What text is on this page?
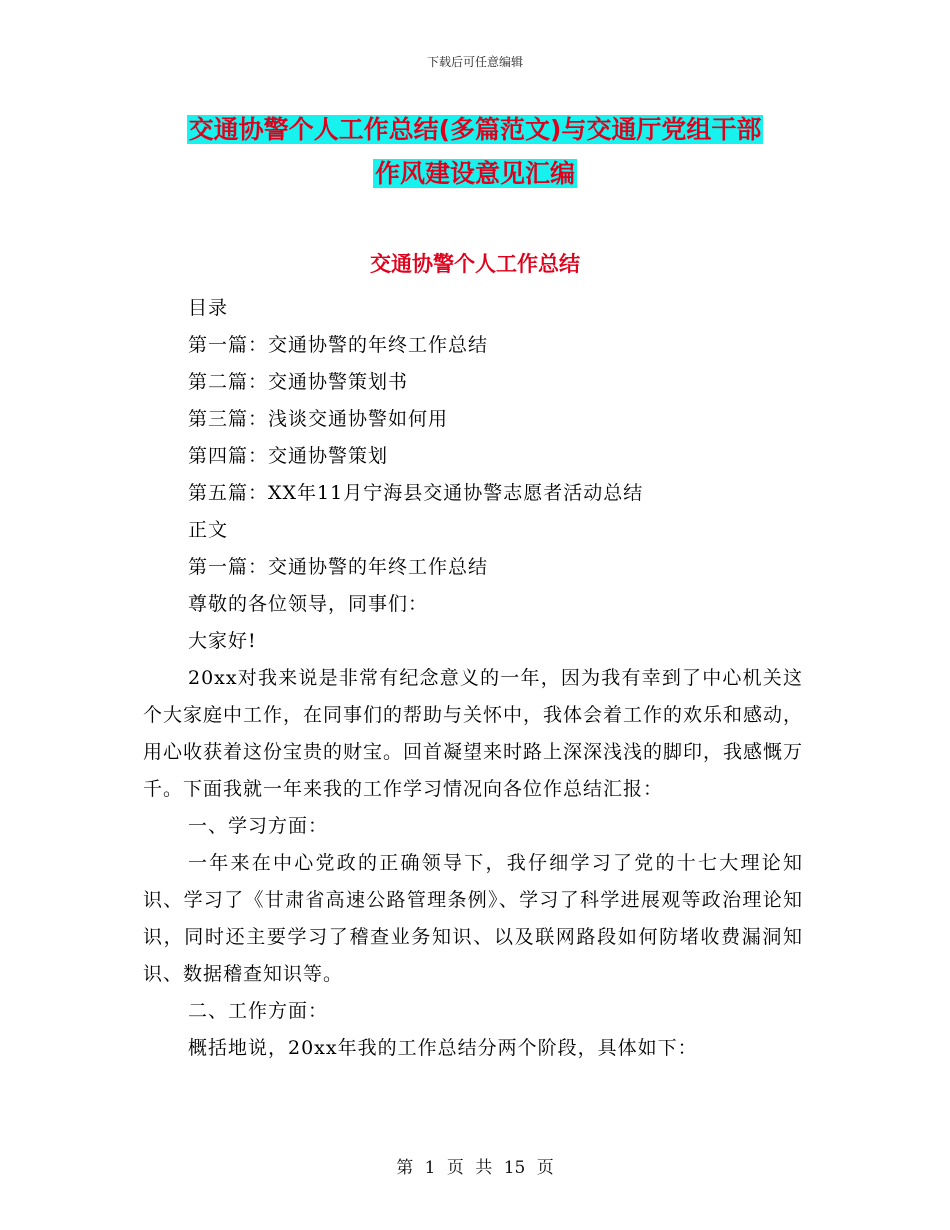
下载后可任意编辑
交通协警个人工作总结(多篇范文)与交通厅党组干部
作风建设意见汇编
交通协警个人工作总结

目录

第一篇：交通协警的年终工作总结

第二篇：交通协警策划书

第三篇：浅谈交通协警如何用

第四篇：交通协警策划

第五篇：XX年11月宁海县交通协警志愿者活动总结

正文

第一篇：交通协警的年终工作总结

尊敬的各位领导，同事们：

大家好!

20xx对我来说是非常有纪念意义的一年，因为我有幸到了中心机关这个大家庭中工作，在同事们的帮助与关怀中，我体会着工作的欢乐和感动，用心收获着这份宝贵的财宝。回首凝望来时路上深深浅浅的脚印，我感慨万千。下面我就一年来我的工作学习情况向各位作总结汇报：

一、学习方面：

一年来在中心党政的正确领导下，我仔细学习了党的十七大理论知识、学习了《甘肃省高速公路管理条例》、学习了科学进展观等政治理论知识，同时还主要学习了稽查业务知识、以及联网路段如何防堵收费漏洞知识、数据稽查知识等。

二、工作方面：

概括地说，20xx年我的工作总结分两个阶段，具体如下：

第 1 页 共 15 页
